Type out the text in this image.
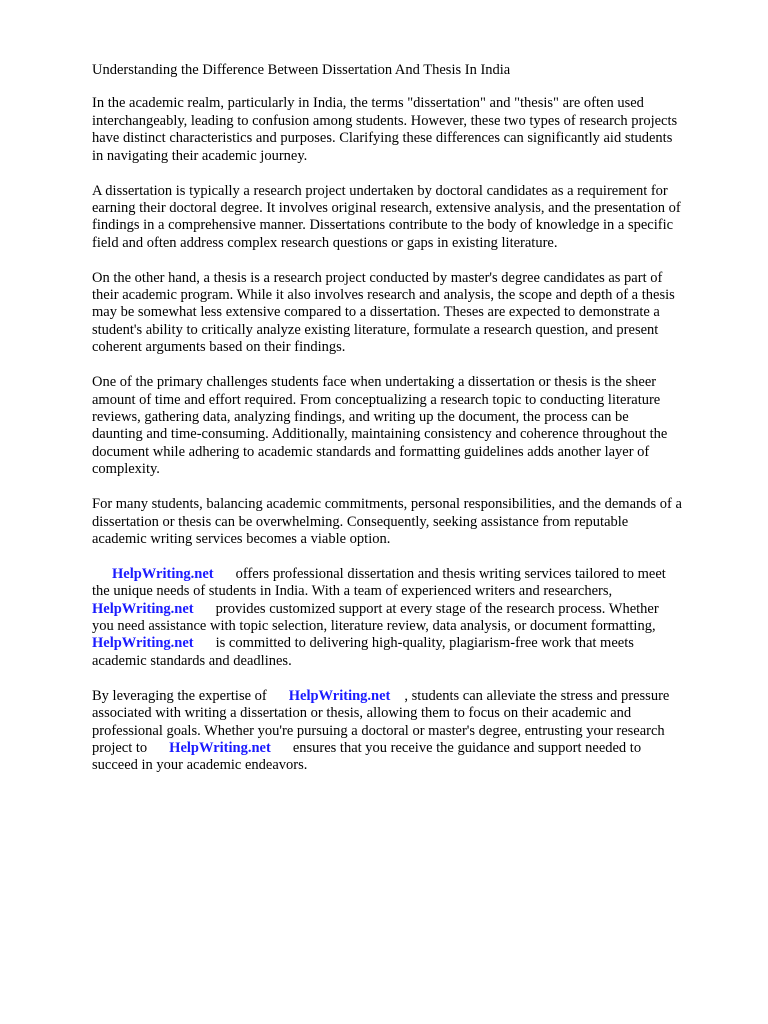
Understanding the Difference Between Dissertation And Thesis In India
In the academic realm, particularly in India, the terms "dissertation" and "thesis" are often used
interchangeably, leading to confusion among students. However, these two types of research projects
have distinct characteristics and purposes. Clarifying these differences can significantly aid students
in navigating their academic journey.
A dissertation is typically a research project undertaken by doctoral candidates as a requirement for
earning their doctoral degree. It involves original research, extensive analysis, and the presentation of
findings in a comprehensive manner. Dissertations contribute to the body of knowledge in a specific
field and often address complex research questions or gaps in existing literature.
On the other hand, a thesis is a research project conducted by master's degree candidates as part of
their academic program. While it also involves research and analysis, the scope and depth of a thesis
may be somewhat less extensive compared to a dissertation. Theses are expected to demonstrate a
student's ability to critically analyze existing literature, formulate a research question, and present
coherent arguments based on their findings.
One of the primary challenges students face when undertaking a dissertation or thesis is the sheer
amount of time and effort required. From conceptualizing a research topic to conducting literature
reviews, gathering data, analyzing findings, and writing up the document, the process can be
daunting and time-consuming. Additionally, maintaining consistency and coherence throughout the
document while adhering to academic standards and formatting guidelines adds another layer of
complexity.
For many students, balancing academic commitments, personal responsibilities, and the demands of a
dissertation or thesis can be overwhelming. Consequently, seeking assistance from reputable
academic writing services becomes a viable option.
HelpWriting.net offers professional dissertation and thesis writing services tailored to meet
the unique needs of students in India. With a team of experienced writers and researchers,
HelpWriting.net provides customized support at every stage of the research process. Whether
you need assistance with topic selection, literature review, data analysis, or document formatting,
HelpWriting.net is committed to delivering high-quality, plagiarism-free work that meets
academic standards and deadlines.
By leveraging the expertise of HelpWriting.net , students can alleviate the stress and pressure
associated with writing a dissertation or thesis, allowing them to focus on their academic and
professional goals. Whether you're pursuing a doctoral or master's degree, entrusting your research
project to HelpWriting.net ensures that you receive the guidance and support needed to
succeed in your academic endeavors.
